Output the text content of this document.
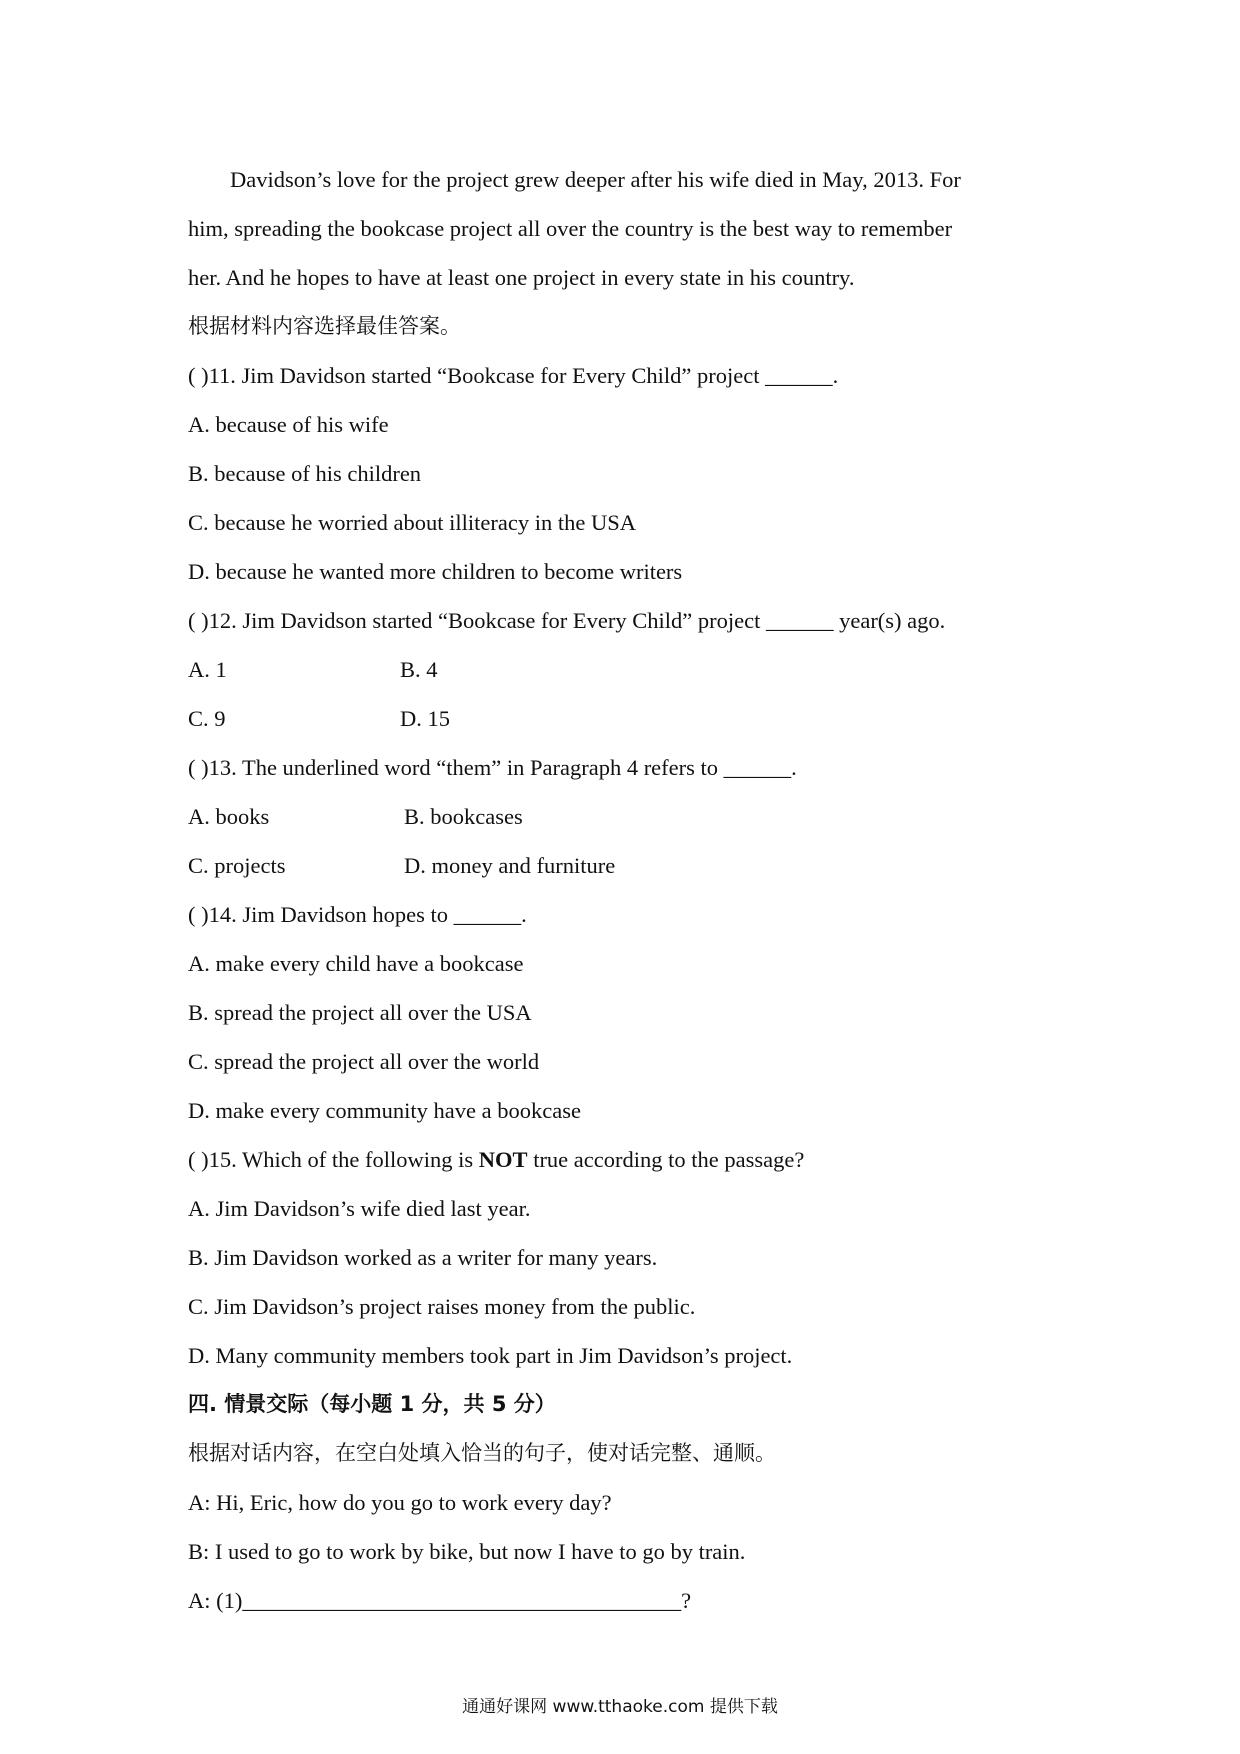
Davidson’s love for the project grew deeper after his wife died in May, 2013. For
him, spreading the bookcase project all over the country is the best way to remember
her. And he hopes to have at least one project in every state in his country.
根据材料内容选择最佳答案。
( )11. Jim Davidson started “Bookcase for Every Child” project ______.
A. because of his wife
B. because of his children
C. because he worried about illiteracy in the USA
D. because he wanted more children to become writers
( )12. Jim Davidson started “Bookcase for Every Child” project ______ year(s) ago.
A. 1	B. 4
C. 9	D. 15
( )13. The underlined word “them” in Paragraph 4 refers to ______.
A. books	B. bookcases
C. projects	D. money and furniture
( )14. Jim Davidson hopes to ______.
A. make every child have a bookcase
B. spread the project all over the USA
C. spread the project all over the world
D. make every community have a bookcase
( )15. Which of the following is NOT true according to the passage?
A. Jim Davidson’s wife died last year.
B. Jim Davidson worked as a writer for many years.
C. Jim Davidson’s project raises money from the public.
D. Many community members took part in Jim Davidson’s project.
四. 情景交际（每小题 1 分，共 5 分）
根据对话内容，在空白处填入恰当的句子，使对话完整、通顺。
A: Hi, Eric, how do you go to work every day?
B: I used to go to work by bike, but now I have to go by train.
A: (1)_______________________________________?
通通好课网 www.tthaoke.com 提供下载
